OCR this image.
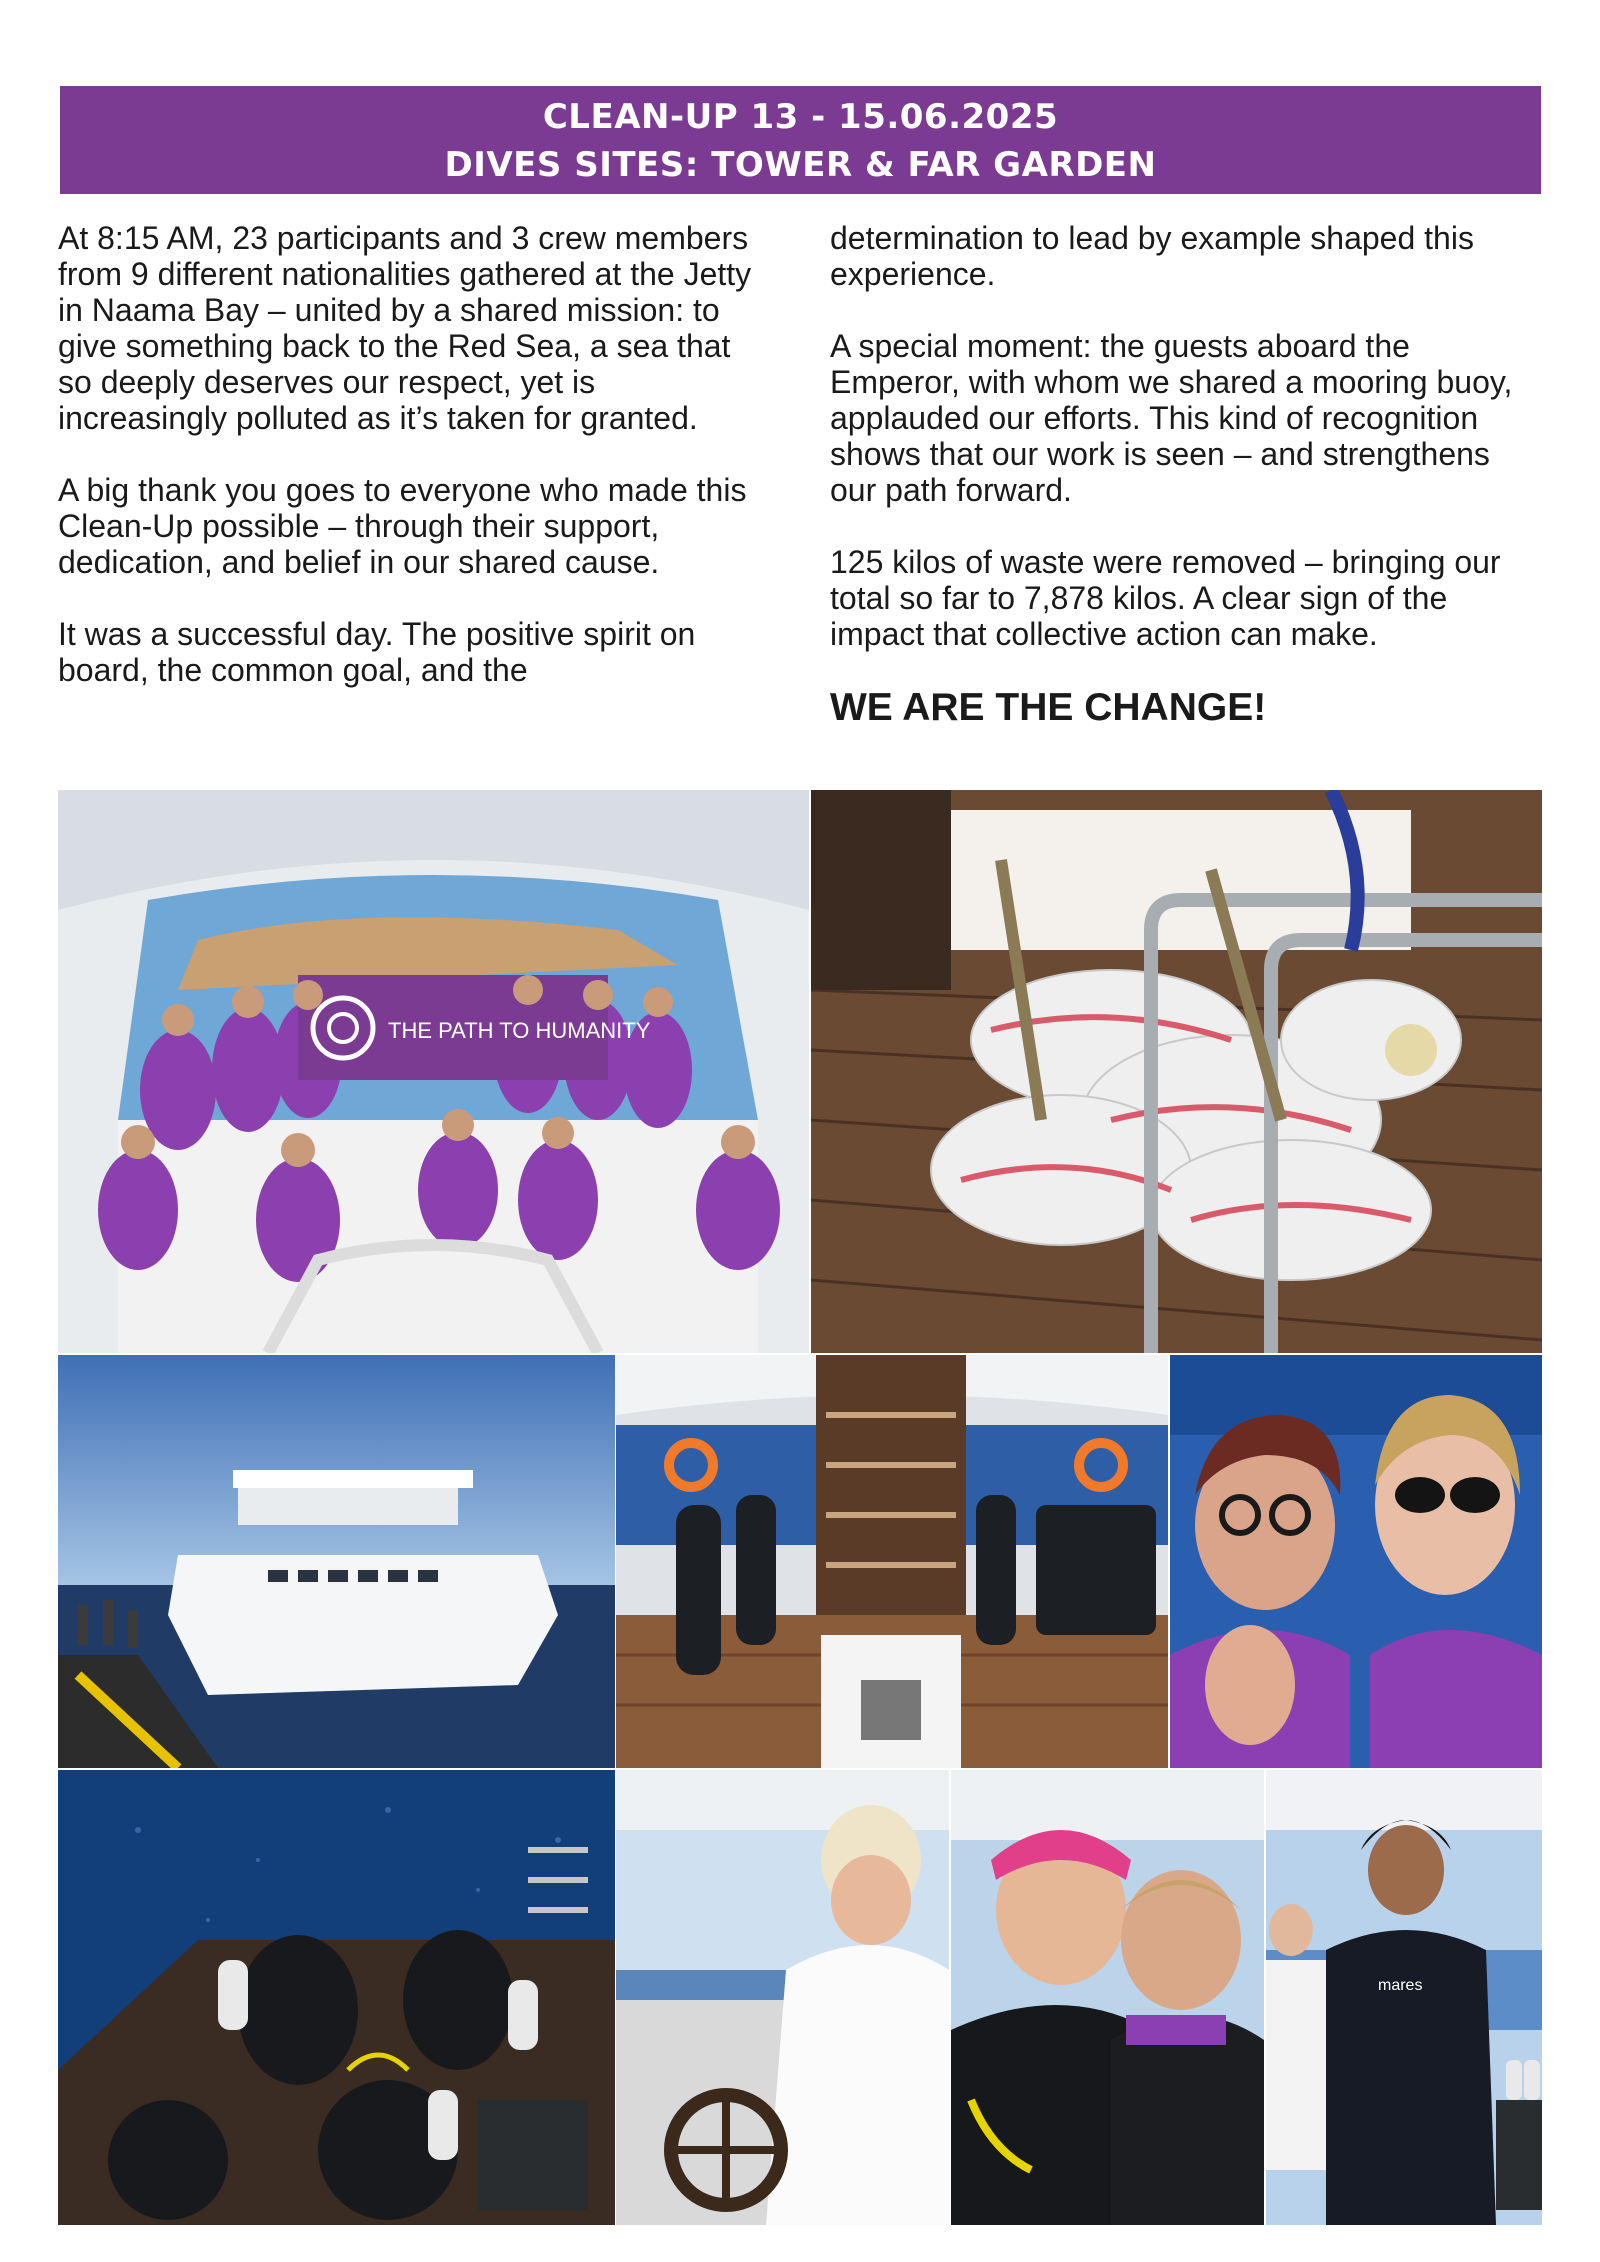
CLEAN-UP 13 - 15.06.2025
DIVES SITES: TOWER & FAR GARDEN

At 8:15 AM, 23 participants and 3 crew members from 9 different nationalities gathered at the Jetty in Naama Bay – united by a shared mission: to give something back to the Red Sea, a sea that so deeply deserves our respect, yet is increasingly polluted as it’s taken for granted.

A big thank you goes to everyone who made this Clean-Up possible – through their support, dedication, and belief in our shared cause.

It was a successful day. The positive spirit on board, the common goal, and the

determination to lead by example shaped this experience.

A special moment: the guests aboard the Emperor, with whom we shared a mooring buoy, applauded our efforts. This kind of recognition shows that our work is seen – and strengthens our path forward.

125 kilos of waste were removed – bringing our total so far to 7,878 kilos. A clear sign of the impact that collective action can make.

WE ARE THE CHANGE!

THE PATH TO HUMANITY
mares
